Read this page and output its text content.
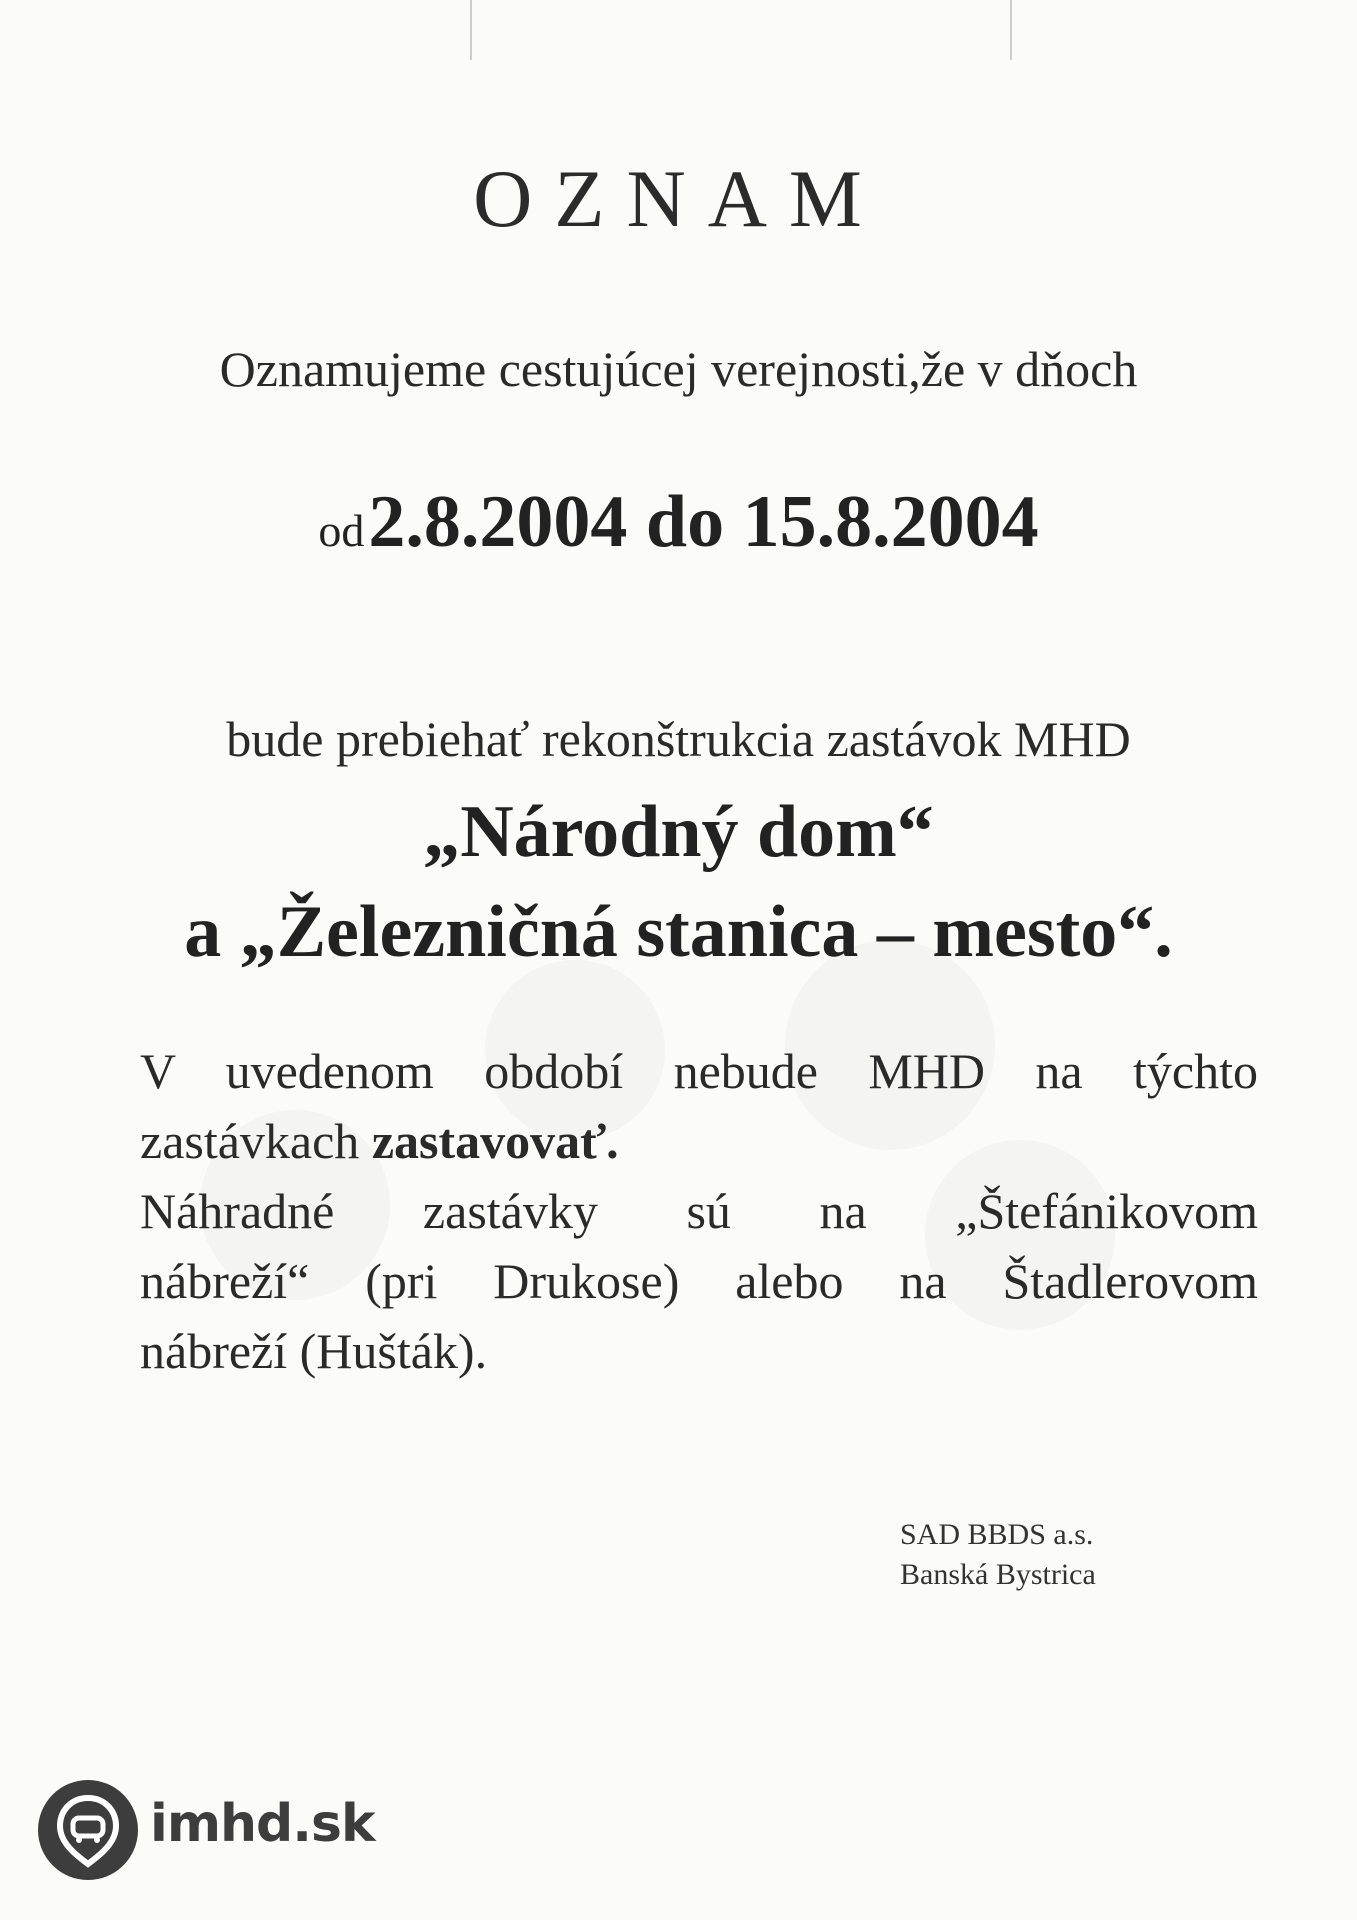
OZNAM

Oznamujeme cestujúcej verejnosti,že v dňoch

od 2.8.2004 do 15.8.2004

bude prebiehať rekonštrukcia zastávok MHD

„Národný dom“

a „Železničná stanica – mesto“.

V uvedenom období nebude MHD na týchto
zastávkach zastavovať.
Náhradné zastávky sú na „Štefánikovom
nábreží“ (pri Drukose) alebo na Štadlerovom
nábreží (Hušták).
SAD BBDS a.s.
Banská Bystrica
imhd.sk
